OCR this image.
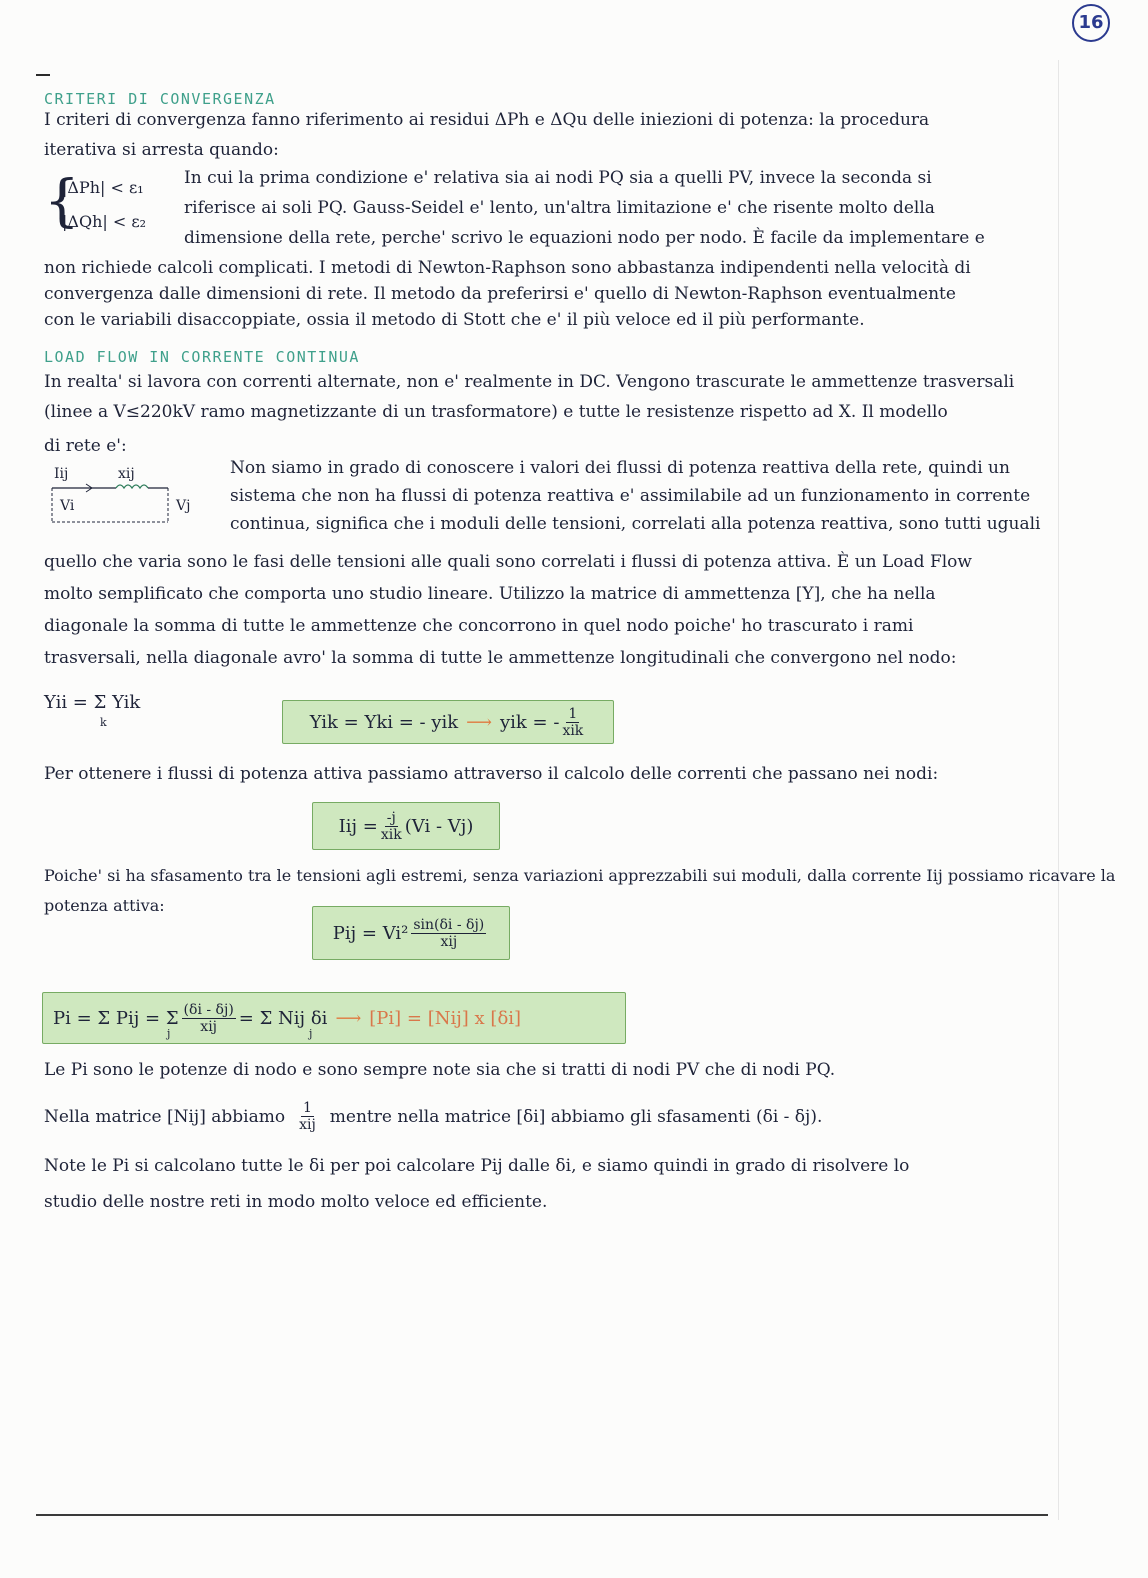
16
CRITERI DI CONVERGENZA
I criteri di convergenza fanno riferimento ai residui ΔPh e ΔQu delle iniezioni di potenza: la procedura
iterativa si arresta quando:
{
|ΔPh| < ε₁
|ΔQh| < ε₂
In cui la prima condizione e' relativa sia ai nodi PQ sia a quelli PV, invece la seconda si
riferisce ai soli PQ. Gauss-Seidel e' lento, un'altra limitazione e' che risente molto della
dimensione della rete, perche' scrivo le equazioni nodo per nodo. È facile da implementare e
non richiede calcoli complicati. I metodi di Newton-Raphson sono abbastanza indipendenti nella velocità di
convergenza dalle dimensioni di rete. Il metodo da preferirsi e' quello di Newton-Raphson eventualmente
con le variabili disaccoppiate, ossia il metodo di Stott che e' il più veloce ed il più performante.
LOAD FLOW IN CORRENTE CONTINUA
In realta' si lavora con correnti alternate, non e' realmente in DC. Vengono trascurate le ammettenze trasversali
(linee a V≤220kV ramo magnetizzante di un trasformatore) e tutte le resistenze rispetto ad X. Il modello
di rete e':
Iij	xij
Vi	Vj
Non siamo in grado di conoscere i valori dei flussi di potenza reattiva della rete, quindi un
sistema che non ha flussi di potenza reattiva e' assimilabile ad un funzionamento in corrente
continua, significa che i moduli delle tensioni, correlati alla potenza reattiva, sono tutti uguali
quello che varia sono le fasi delle tensioni alle quali sono correlati i flussi di potenza attiva. È un Load Flow
molto semplificato che comporta uno studio lineare. Utilizzo la matrice di ammettenza [Y], che ha nella
diagonale la somma di tutte le ammettenze che concorrono in quel nodo poiche' ho trascurato i rami
trasversali, nella diagonale avro' la somma di tutte le ammettenze longitudinali che convergono nel nodo:
Yii = Σ Yik
k	Yik = Yki = - yik ⟶ yik = - $\frac{1}{\text{xik}}$
Per ottenere i flussi di potenza attiva passiamo attraverso il calcolo delle correnti che passano nei nodi:
Iij = $\frac{-j}{\text{xik}} (Vi - Vj)$
Poiche' si ha sfasamento tra le tensioni agli estremi, senza variazioni apprezzabili sui moduli, dalla corrente Iij possiamo ricavare la
potenza attiva:
Pij = $Vi^2 \frac{\sin(\delta i - \delta j)}{\text{xij}}$
Pi = Σ Pij = Σ $\frac{(\delta i - \delta j)}{\text{xij}} = \Sigma$ Nij δi ⟶ [Pi] = [Nij] x [δi]
j	j
Le Pi sono le potenze di nodo e sono sempre note sia che si tratti di nodi PV che di nodi PQ.
Nella matrice [Nij] abbiamo $\frac{1}{\text{xij}}$ mentre nella matrice [δi] abbiamo gli sfasamenti (δi - δj).
Note le Pi si calcolano tutte le δi per poi calcolare Pij dalle δi, e siamo quindi in grado di risolvere lo
studio delle nostre reti in modo molto veloce ed efficiente.
